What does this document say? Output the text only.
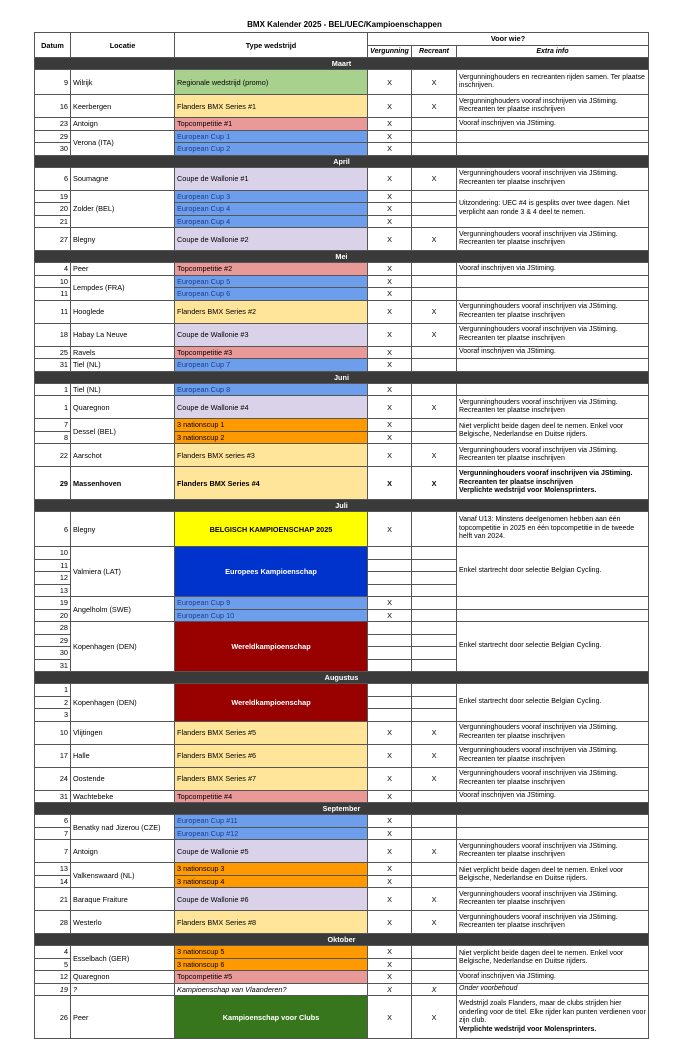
BMX Kalender 2025 - BEL/UEC/Kampioenschappen
Datum	Locatie	Type wedstrijd	Voor wie?		
			Vergunning	Recreant	Extra info
Maart					
9	Wilrijk	Regionale wedstrijd (promo)	X	X	Vergunninghouders en recreanten rijden samen. Ter plaatse inschrijven.
16	Keerbergen	Flanders BMX Series #1	X	X	Vergunninghouders vooraf inschrijven via JStiming. Recreanten ter plaatse inschrijven
23	Antoign	Topcompetitie #1	X		Vooraf inschrijven via JStiming.
29	Verona (ITA)	European Cup 1	X		
30		European Cup 2	X		
April					
6	Soumagne	Coupe de Wallonie #1	X	X	Vergunninghouders vooraf inschrijven via JStiming. Recreanten ter plaatse inschrijven
19	Zolder (BEL)	European Cup 3	X		Uitzondering: UEC #4 is gesplits over twee dagen. Niet verplicht aan ronde 3 & 4 deel te nemen.
20		European Cup 4	X		
21		European Cup 4	X		
27	Blegny	Coupe de Wallonie #2	X	X	Vergunninghouders vooraf inschrijven via JStiming. Recreanten ter plaatse inschrijven
Mei					
4	Peer	Topcompetitie #2	X		Vooraf inschrijven via JStiming.
10	Lempdes (FRA)	European Cup 5	X		
11		European Cup 6	X		
11	Hooglede	Flanders BMX Series #2	X	X	Vergunninghouders vooraf inschrijven via JStiming. Recreanten ter plaatse inschrijven
18	Habay La Neuve	Coupe de Wallonie #3	X	X	Vergunninghouders vooraf inschrijven via JStiming. Recreanten ter plaatse inschrijven
25	Ravels	Topcompetitie #3	X		Vooraf inschrijven via JStiming.
31	Tiel (NL)	European Cup 7	X		
Juni					
1	Tiel (NL)	European Cup 8	X		
1	Quaregnon	Coupe de Wallonie #4	X	X	Vergunninghouders vooraf inschrijven via JStiming. Recreanten ter plaatse inschrijven
7	Dessel (BEL)	3 nationscup 1	X		Niet verplicht beide dagen deel te nemen. Enkel voor Belgische, Nederlandse en Duitse rijders.
8		3 nationscup 2	X		
22	Aarschot	Flanders BMX series #3	X	X	Vergunninghouders vooraf inschrijven via JStiming. Recreanten ter plaatse inschrijven
29	Massenhoven	Flanders BMX Series #4	X	X	Vergunninghouders vooraf inschrijven via JStiming. Recreanten ter plaatse inschrijven
Verplichte wedstrijd voor Molensprinters.
Juli					
6	Blegny	BELGISCH KAMPIOENSCHAP 2025	X		Vanaf U13: Minstens deelgenomen hebben aan één topcompetitie in 2025 en één topcompetitie in de tweede helft van 2024.
10	Valmiera (LAT)	Europees Kampioenschap			Enkel startrecht door selectie Belgian Cycling.
11					
12					
13					
19	Angelholm (SWE)	European Cup 9	X		
20		European Cup 10	X		
28	Kopenhagen (DEN)	Wereldkampioenschap			Enkel startrecht door selectie Belgian Cycling.
29					
30					
31					
Augustus					
1	Kopenhagen (DEN)	Wereldkampioenschap			Enkel startrecht door selectie Belgian Cycling.
2					
3					
10	Vlijtingen	Flanders BMX Series #5	X	X	Vergunninghouders vooraf inschrijven via JStiming. Recreanten ter plaatse inschrijven
17	Halle	Flanders BMX Series #6	X	X	Vergunninghouders vooraf inschrijven via JStiming. Recreanten ter plaatse inschrijven
24	Oostende	Flanders BMX Series #7	X	X	Vergunninghouders vooraf inschrijven via JStiming. Recreanten ter plaatse inschrijven
31	Wachtebeke	Topcompetitie #4	X		Vooraf inschrijven via JStiming.
September					
6	Benatky nad Jizerou (CZE)	European Cup #11	X		
7		European Cup #12	X		
7	Antoign	Coupe de Wallonie #5	X	X	Vergunninghouders vooraf inschrijven via JStiming. Recreanten ter plaatse inschrijven
13	Valkenswaard (NL)	3 nationscup 3	X		Niet verplicht beide dagen deel te nemen. Enkel voor Belgische, Nederlandse en Duitse rijders.
14		3 nationscup 4	X		
21	Baraque Fraiture	Coupe de Wallonie #6	X	X	Vergunninghouders vooraf inschrijven via JStiming. Recreanten ter plaatse inschrijven
28	Westerlo	Flanders BMX Series #8	X	X	Vergunninghouders vooraf inschrijven via JStiming. Recreanten ter plaatse inschrijven
Oktober					
4	Esselbach (GER)	3 nationscup 5	X		Niet verplicht beide dagen deel te nemen. Enkel voor Belgische, Nederlandse en Duitse rijders.
5		3 nationscup 6	X		
12	Quaregnon	Topcompetitie #5	X		Vooraf inschrijven via JStiming.
19	?	Kampioenschap van Vlaanderen?	X	X	Onder voorbehoud
26	Peer	Kampioenschap voor Clubs	X	X	Wedstrijd zoals Flanders, maar de clubs strijden hier onderling voor de titel. Elke rijder kan punten verdienen voor zijn club.
Verplichte wedstrijd voor Molensprinters.
